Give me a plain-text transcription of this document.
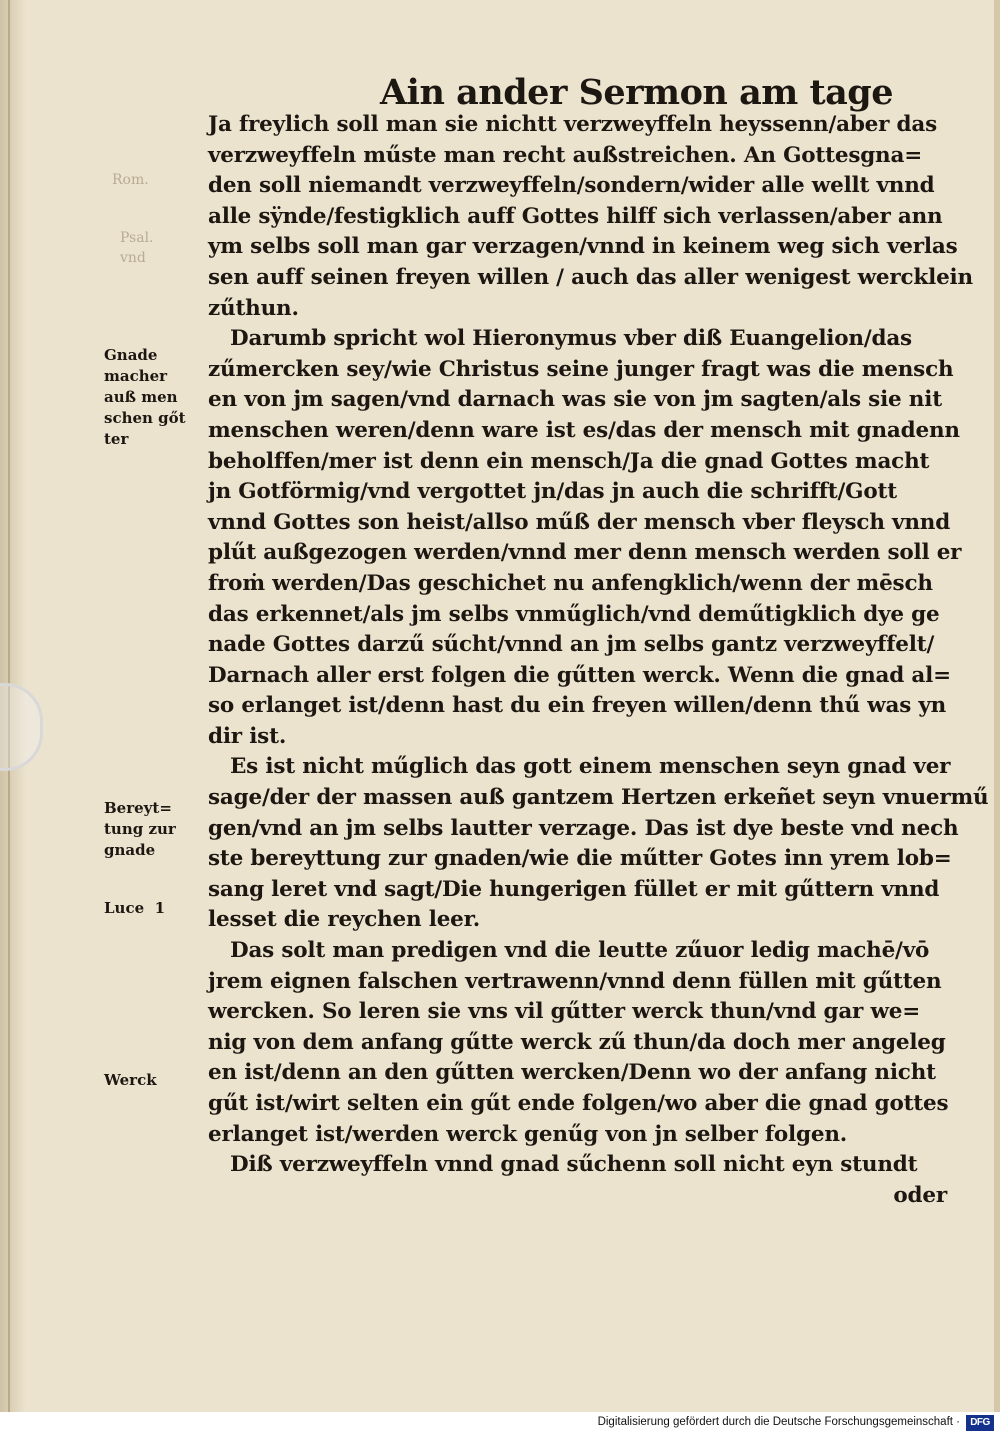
Rom.
Psal.
vnd
Ain ander Sermon am tage
Ja freylich soll man sie nichtt verzweyffeln heyssenn/aber das
verzweyffeln műste man recht außstreichen. An Gottesgna=
den soll niemandt verzweyffeln/sondern/wider alle wellt vnnd
alle sÿnde/festigklich auff Gottes hilff sich verlassen/aber ann
ym selbs soll man gar verzagen/vnnd in keinem weg sich verlas
sen auff seinen freyen willen / auch das aller wenigest wercklein
zűthun.
Darumb spricht wol Hieronymus vber diß Euangelion/das
zűmercken sey/wie Christus seine junger fragt was die mensch
en von jm sagen/vnd darnach was sie von jm sagten/als sie nit
menschen weren/denn ware ist es/das der mensch mit gnadenn
beholffen/mer ist denn ein mensch/Ja die gnad Gottes macht
jn Gotförmig/vnd vergottet jn/das jn auch die schrifft/Gott
vnnd Gottes son heist/allso műß der mensch vber fleysch vnnd
plűt außgezogen werden/vnnd mer denn mensch werden soll er
froṁ werden/Das geschichet nu anfengklich/wenn der mēsch
das erkennet/als jm selbs vnműglich/vnd deműtigklich dye ge
nade Gottes darzű sűcht/vnnd an jm selbs gantz verzweyffelt/
Darnach aller erst folgen die gűtten werck. Wenn die gnad al=
so erlanget ist/denn hast du ein freyen willen/denn thű was yn
dir ist.
Es ist nicht műglich das gott einem menschen seyn gnad ver
sage/der der massen auß gantzem Hertzen erkeñet seyn vnuermű
gen/vnd an jm selbs lautter verzage. Das ist dye beste vnd nech
ste bereyttung zur gnaden/wie die műtter Gotes inn yrem lob=
sang leret vnd sagt/Die hungerigen füllet er mit gűttern vnnd
lesset die reychen leer.
Das solt man predigen vnd die leutte zűuor ledig machē/vō
jrem eignen falschen vertrawenn/vnnd denn füllen mit gűtten
wercken. So leren sie vns vil gűtter werck thun/vnd gar we=
nig von dem anfang gűtte werck zű thun/da doch mer angeleg
en ist/denn an den gűtten wercken/Denn wo der anfang nicht
gűt ist/wirt selten ein gűt ende folgen/wo aber die gnad gottes
erlanget ist/werden werck genűg von jn selber folgen.
Diß verzweyffeln vnnd gnad sűchenn soll nicht eyn stundt
oder
Gnade
macher
auß men
schen gőt
ter
Bereyt=
tung zur
gnade
Luce  1
Werck
Digitalisierung gefördert durch die Deutsche Forschungsgemeinschaft ·	DFG
